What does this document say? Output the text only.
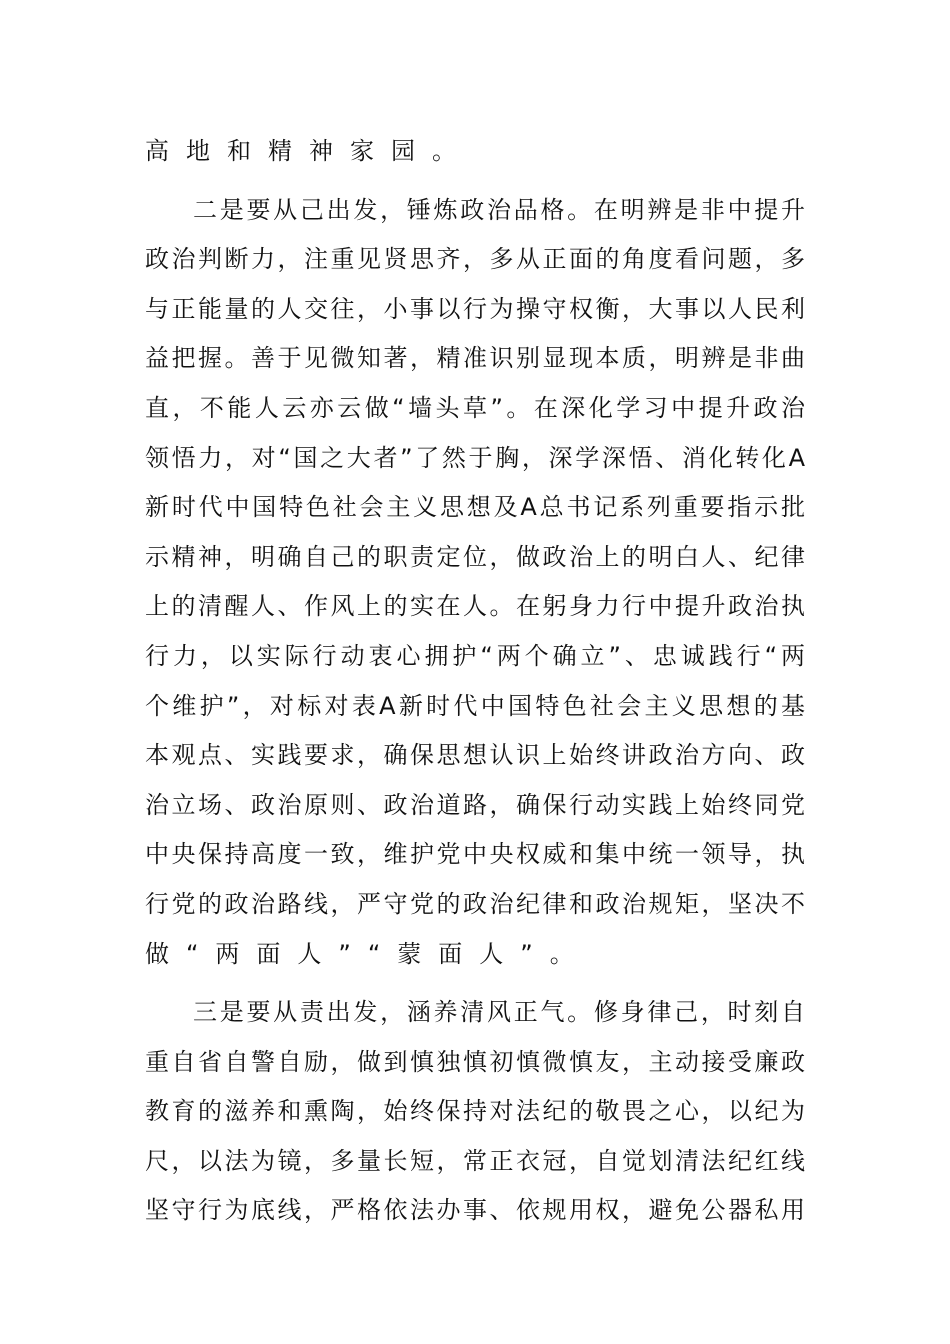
高地和精神家园。
二是要从己出发，锤炼政治品格。在明辨是非中提升
政治判断力，注重见贤思齐，多从正面的角度看问题，多
与正能量的人交往，小事以行为操守权衡，大事以人民利
益把握。善于见微知著，精准识别显现本质，明辨是非曲
直，不能人云亦云做“墙头草”。在深化学习中提升政治
领悟力，对“国之大者”了然于胸，深学深悟、消化转化A
新时代中国特色社会主义思想及A总书记系列重要指示批
示精神，明确自己的职责定位，做政治上的明白人、纪律
上的清醒人、作风上的实在人。在躬身力行中提升政治执
行力，以实际行动衷心拥护“两个确立”、忠诚践行“两
个维护”，对标对表A新时代中国特色社会主义思想的基
本观点、实践要求，确保思想认识上始终讲政治方向、政
治立场、政治原则、政治道路，确保行动实践上始终同党
中央保持高度一致，维护党中央权威和集中统一领导，执
行党的政治路线，严守党的政治纪律和政治规矩，坚决不
做“两面人”“蒙面人”。
三是要从责出发，涵养清风正气。修身律己，时刻自
重自省自警自励，做到慎独慎初慎微慎友，主动接受廉政
教育的滋养和熏陶，始终保持对法纪的敬畏之心，以纪为
尺，以法为镜，多量长短，常正衣冠，自觉划清法纪红线
坚守行为底线，严格依法办事、依规用权，避免公器私用
